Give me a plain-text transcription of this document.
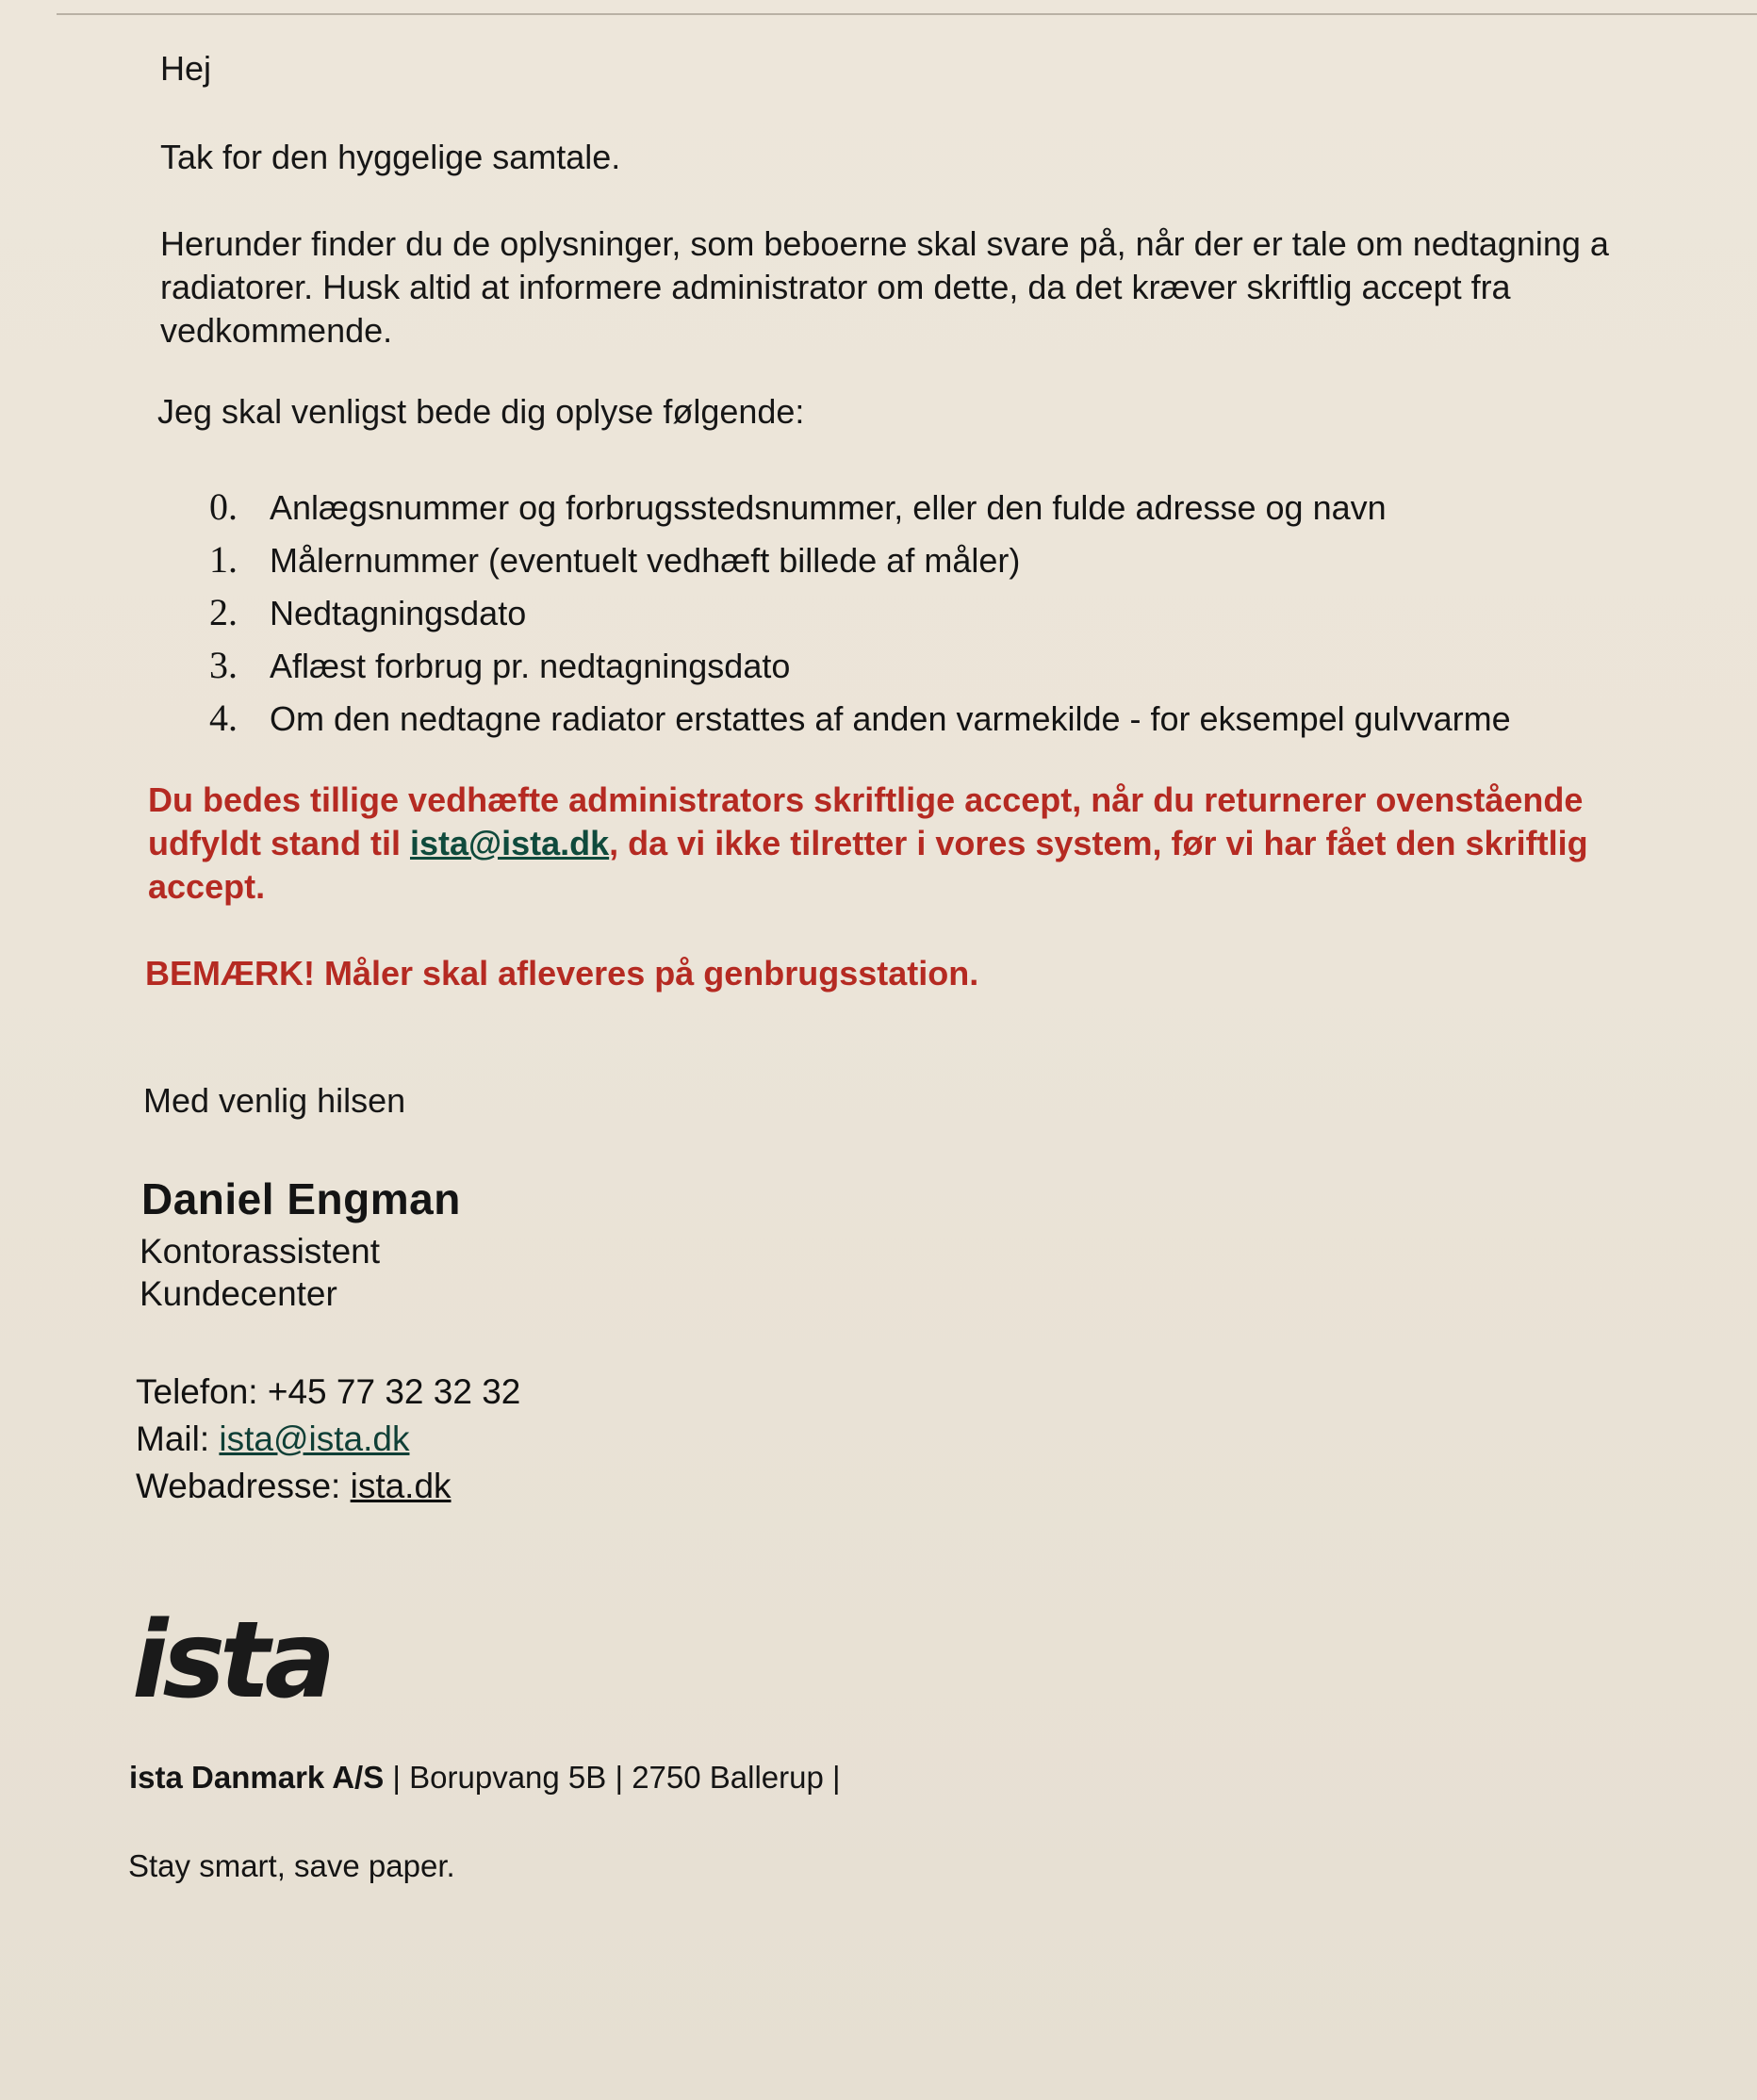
Hej
Tak for den hyggelige samtale.
Herunder finder du de oplysninger, som beboerne skal svare på, når der er tale om nedtagning a
radiatorer. Husk altid at informere administrator om dette, da det kræver skriftlig accept fra
vedkommende.
Jeg skal venligst bede dig oplyse følgende:
0. Anlægsnummer og forbrugsstedsnummer, eller den fulde adresse og navn
1. Målernummer (eventuelt vedhæft billede af måler)
2. Nedtagningsdato
3. Aflæst forbrug pr. nedtagningsdato
4. Om den nedtagne radiator erstattes af anden varmekilde - for eksempel gulvvarme
Du bedes tillige vedhæfte administrators skriftlige accept, når du returnerer ovenstående
udfyldt stand til ista@ista.dk, da vi ikke tilretter i vores system, før vi har fået den skriftlig
accept.
BEMÆRK! Måler skal afleveres på genbrugsstation.
Med venlig hilsen
Daniel Engman
Kontorassistent
Kundecenter
Telefon: +45 77 32 32 32
Mail: ista@ista.dk
Webadresse: ista.dk
ista
ista Danmark A/S | Borupvang 5B | 2750 Ballerup |
Stay smart, save paper.
